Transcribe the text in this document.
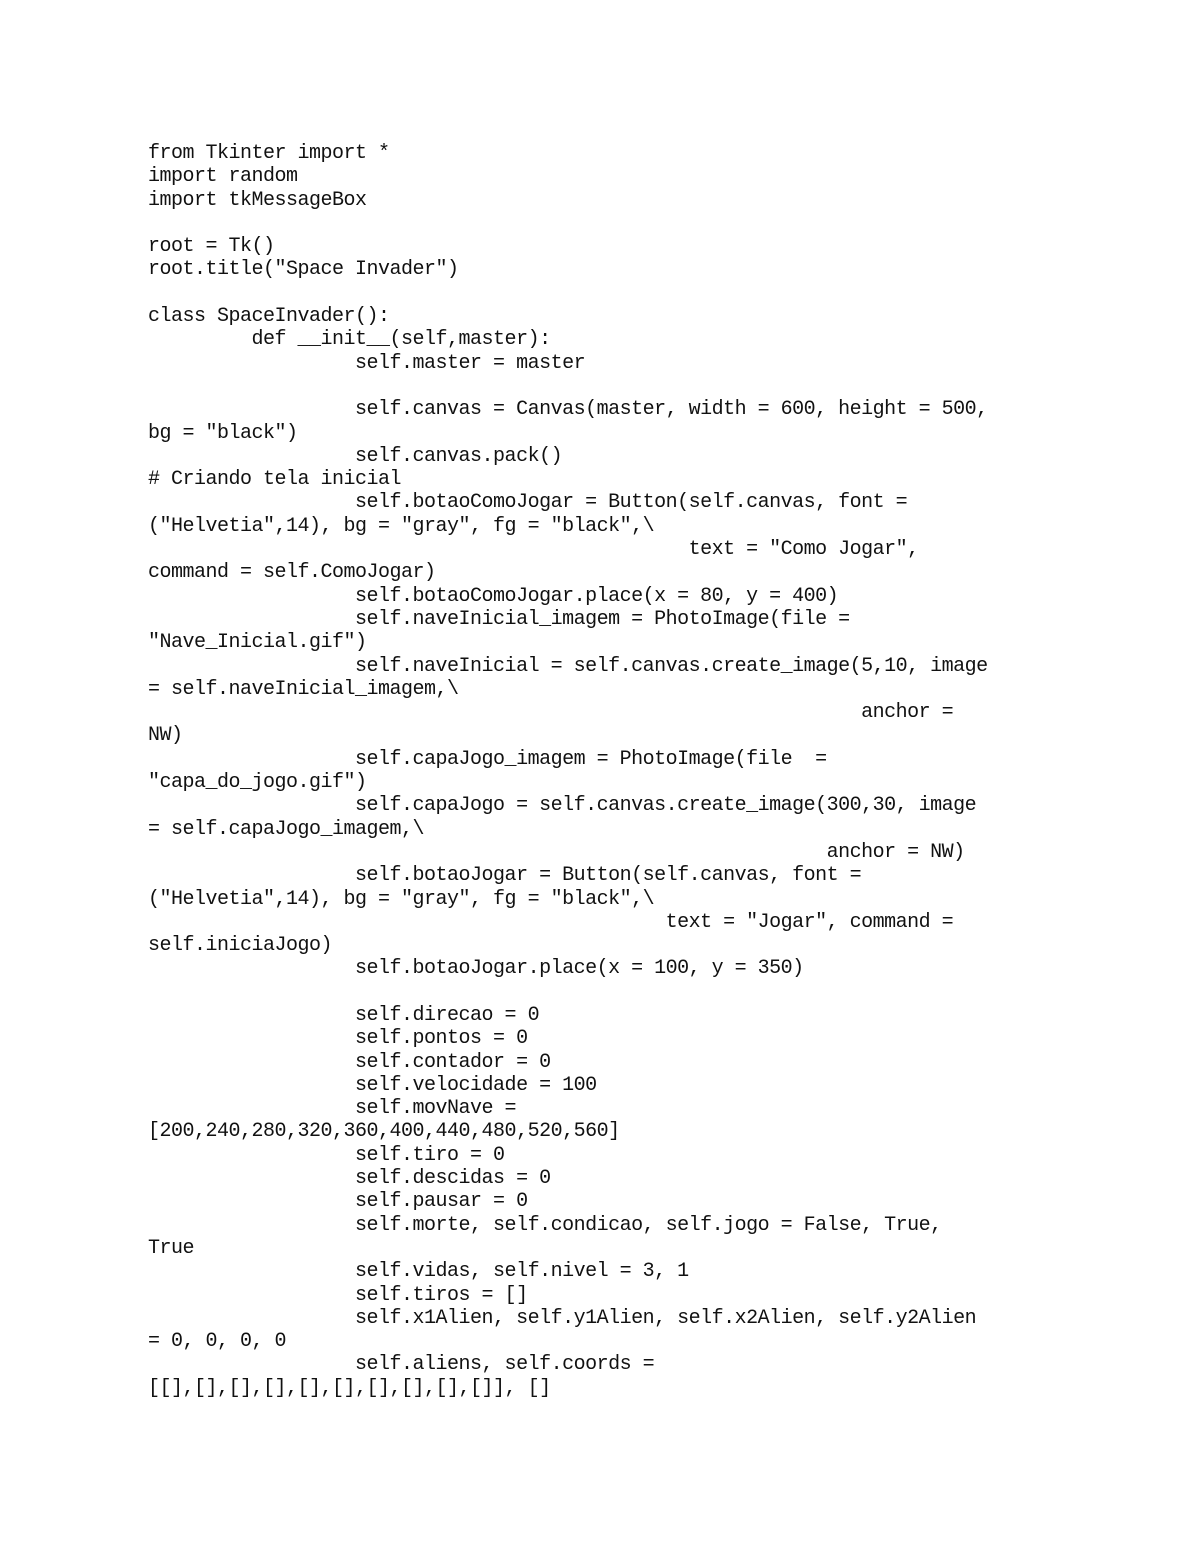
from Tkinter import *
import random
import tkMessageBox
root = Tk()
root.title("Space Invader")
class SpaceInvader():
def __init__(self,master):
self.master = master
self.canvas = Canvas(master, width = 600, height = 500,
bg = "black")
self.canvas.pack()
# Criando tela inicial
self.botaoComoJogar = Button(self.canvas, font =
("Helvetia",14), bg = "gray", fg = "black",\
text = "Como Jogar",
command = self.ComoJogar)
self.botaoComoJogar.place(x = 80, y = 400)
self.naveInicial_imagem = PhotoImage(file =
"Nave_Inicial.gif")
self.naveInicial = self.canvas.create_image(5,10, image
= self.naveInicial_imagem,\
anchor =
NW)
self.capaJogo_imagem = PhotoImage(file  =
"capa_do_jogo.gif")
self.capaJogo = self.canvas.create_image(300,30, image
= self.capaJogo_imagem,\
anchor = NW)
self.botaoJogar = Button(self.canvas, font =
("Helvetia",14), bg = "gray", fg = "black",\
text = "Jogar", command =
self.iniciaJogo)
self.botaoJogar.place(x = 100, y = 350)
self.direcao = 0
self.pontos = 0
self.contador = 0
self.velocidade = 100
self.movNave =
[200,240,280,320,360,400,440,480,520,560]
self.tiro = 0
self.descidas = 0
self.pausar = 0
self.morte, self.condicao, self.jogo = False, True,
True
self.vidas, self.nivel = 3, 1
self.tiros = []
self.x1Alien, self.y1Alien, self.x2Alien, self.y2Alien
= 0, 0, 0, 0
self.aliens, self.coords =
[[],[],[],[],[],[],[],[],[],[]], []
